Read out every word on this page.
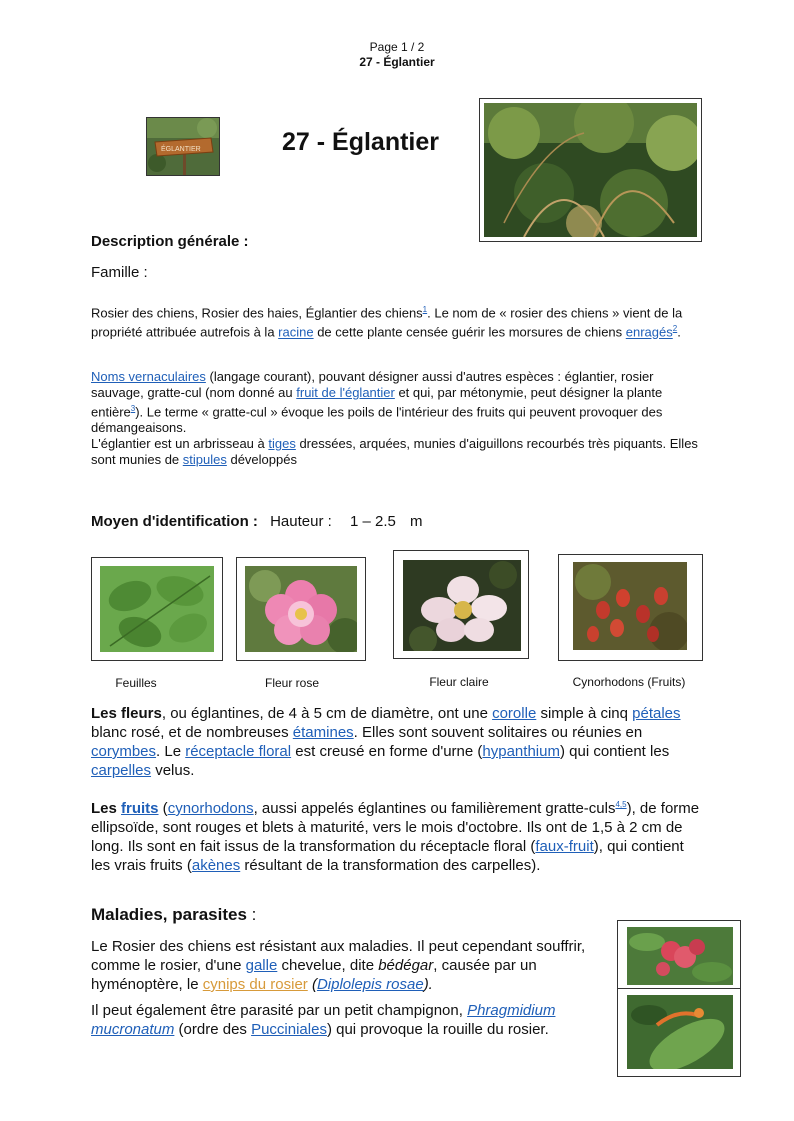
Page 1 / 2
27 - Églantier
ÉGLANTIER	27 - Églantier
Description générale :
Famille :
Rosier des chiens, Rosier des haies, Églantier des chiens$^1$. Le nom de « rosier des chiens » vient de la propriété attribuée autrefois à la racine de cette plante censée guérir les morsures de chiens enragés$^2$.
Noms vernaculaires (langage courant), pouvant désigner aussi d'autres espèces : églantier, rosier sauvage, gratte-cul (nom donné au fruit de l'églantier et qui, par métonymie, peut désigner la plante entière$^3$). Le terme « gratte-cul » évoque les poils de l'intérieur des fruits qui peuvent provoquer des démangeaisons.
L'églantier est un arbrisseau à tiges dressées, arquées, munies d'aiguillons recourbés très piquants. Elles sont munies de stipules développés
Moyen d'identification : Hauteur : 1 – 2.5 m
Feuilles	Fleur rose	Fleur claire	Cynorhodons (Fruits)
Les fleurs, ou églantines, de 4 à 5 cm de diamètre, ont une corolle simple à cinq pétales blanc rosé, et de nombreuses étamines. Elles sont souvent solitaires ou réunies en corymbes. Le réceptacle floral est creusé en forme d'urne (hypanthium) qui contient les carpelles velus.
Les fruits (cynorhodons, aussi appelés églantines ou familièrement gratte-culs$^{4,5}$), de forme ellipsoïde, sont rouges et blets à maturité, vers le mois d'octobre. Ils ont de 1,5 à 2 cm de long. Ils sont en fait issus de la transformation du réceptacle floral (faux-fruit), qui contient les vrais fruits (akènes résultant de la transformation des carpelles).
Maladies, parasites :
Le Rosier des chiens est résistant aux maladies. Il peut cependant souffrir, comme le rosier, d'une galle chevelue, dite bédégar, causée par un hyménoptère, le cynips du rosier (Diplolepis rosae).
Il peut également être parasité par un petit champignon, Phragmidium mucronatum (ordre des Pucciniales) qui provoque la rouille du rosier.
